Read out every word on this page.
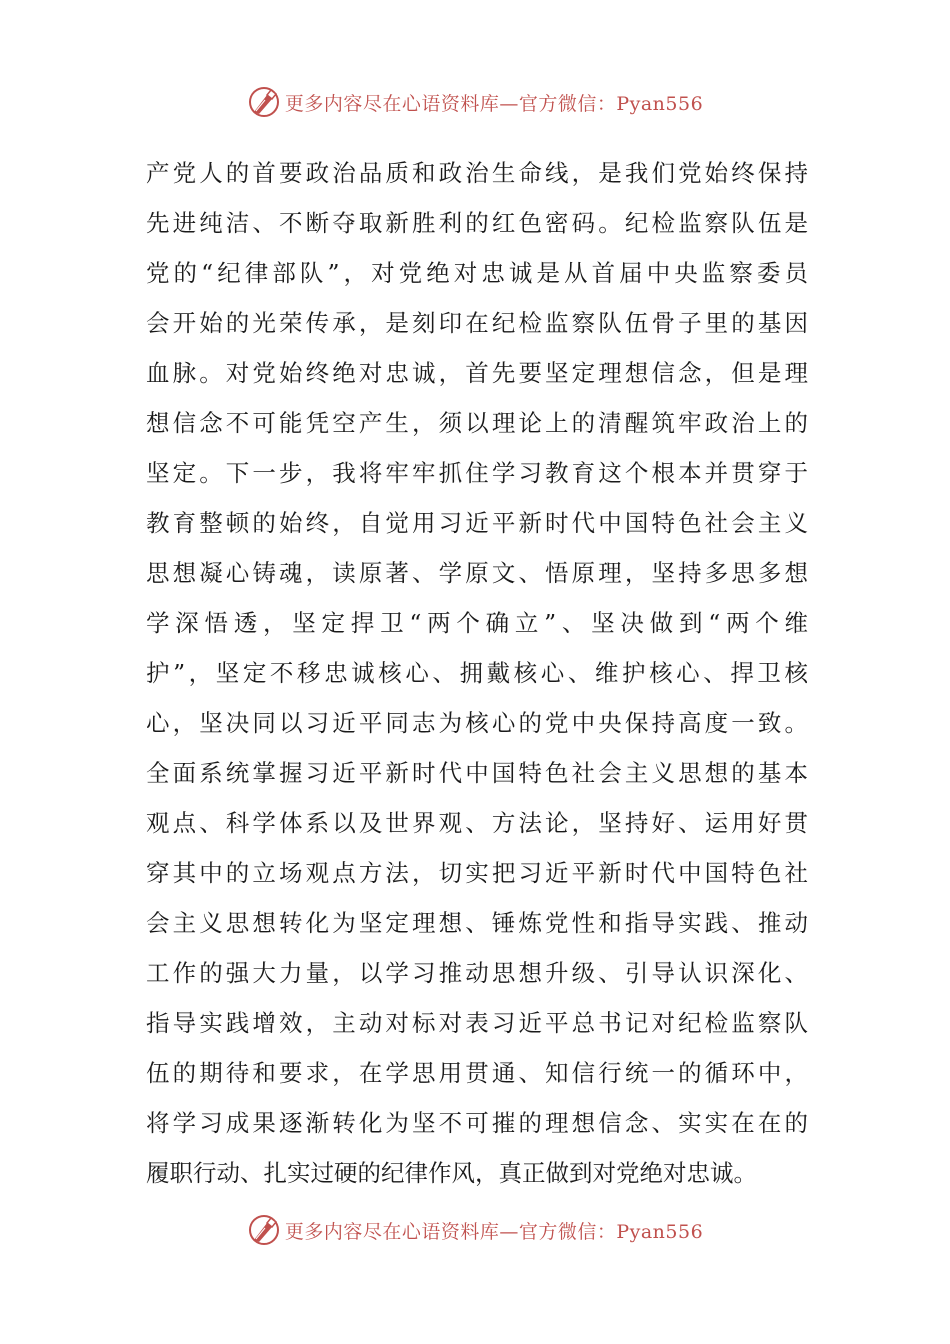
更多内容尽在心语资料库—官方微信：Pyan556
产党人的首要政治品质和政治生命线，是我们党始终保持
先进纯洁、不断夺取新胜利的红色密码。纪检监察队伍是
党的“纪律部队”，对党绝对忠诚是从首届中央监察委员
会开始的光荣传承，是刻印在纪检监察队伍骨子里的基因
血脉。对党始终绝对忠诚，首先要坚定理想信念，但是理
想信念不可能凭空产生，须以理论上的清醒筑牢政治上的
坚定。下一步，我将牢牢抓住学习教育这个根本并贯穿于
教育整顿的始终，自觉用习近平新时代中国特色社会主义
思想凝心铸魂，读原著、学原文、悟原理，坚持多思多想
学深悟透，坚定捍卫“两个确立”、坚决做到“两个维
护”，坚定不移忠诚核心、拥戴核心、维护核心、捍卫核
心，坚决同以习近平同志为核心的党中央保持高度一致。
全面系统掌握习近平新时代中国特色社会主义思想的基本
观点、科学体系以及世界观、方法论，坚持好、运用好贯
穿其中的立场观点方法，切实把习近平新时代中国特色社
会主义思想转化为坚定理想、锤炼党性和指导实践、推动
工作的强大力量，以学习推动思想升级、引导认识深化、
指导实践增效，主动对标对表习近平总书记对纪检监察队
伍的期待和要求，在学思用贯通、知信行统一的循环中，
将学习成果逐渐转化为坚不可摧的理想信念、实实在在的
履职行动、扎实过硬的纪律作风，真正做到对党绝对忠诚。
更多内容尽在心语资料库—官方微信：Pyan556
